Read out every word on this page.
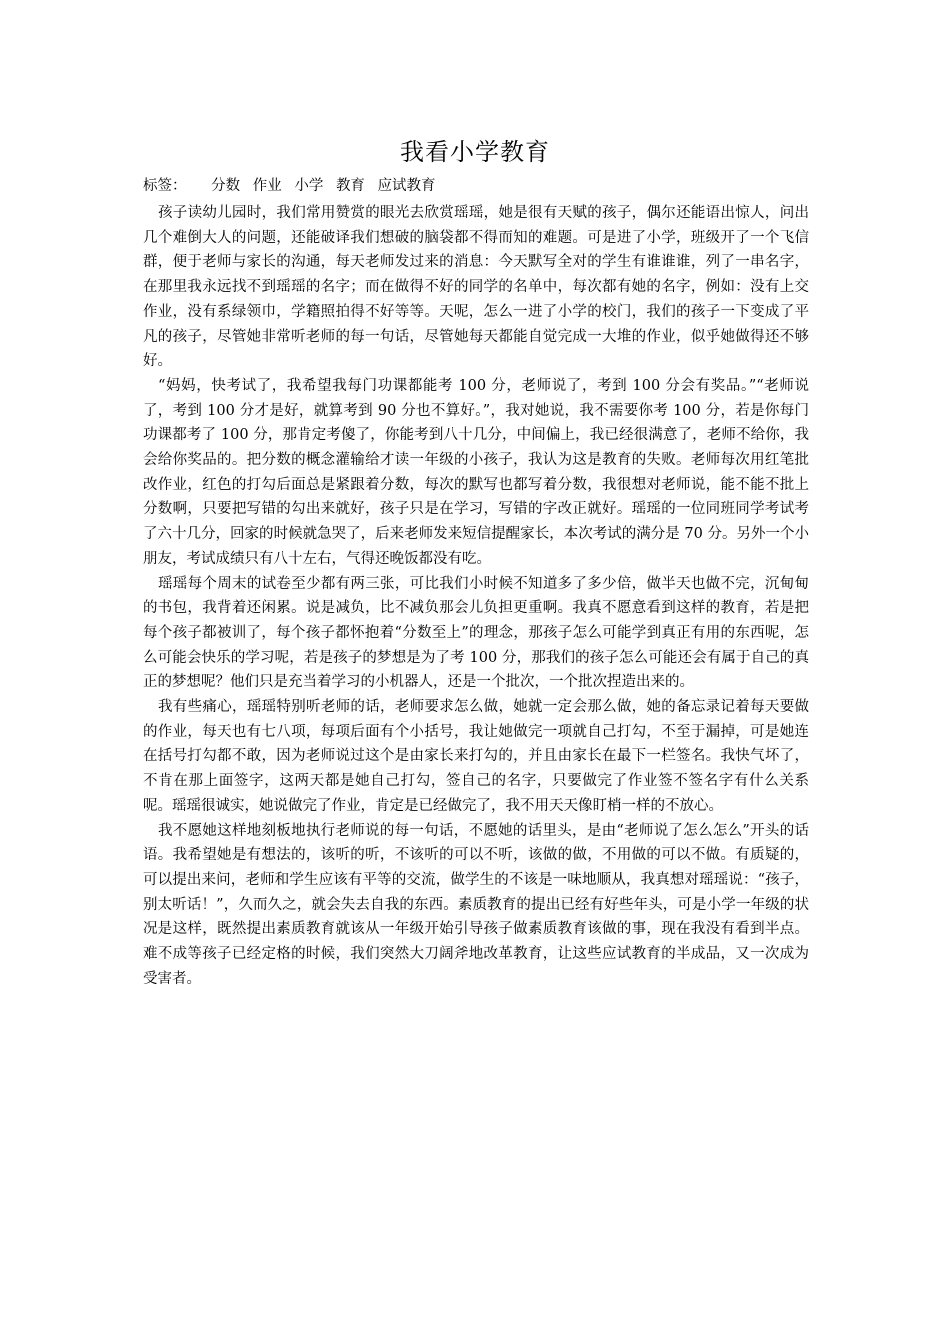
我看小学教育
标签： 分数 作业 小学 教育 应试教育

孩子读幼儿园时，我们常用赞赏的眼光去欣赏瑶瑶，她是很有天赋的孩子，偶尔还能语出惊人，问出几个难倒大人的问题，还能破译我们想破的脑袋都不得而知的难题。可是进了小学，班级开了一个飞信群，便于老师与家长的沟通，每天老师发过来的消息：今天默写全对的学生有谁谁谁，列了一串名字，在那里我永远找不到瑶瑶的名字；而在做得不好的同学的名单中，每次都有她的名字，例如：没有上交作业，没有系绿领巾，学籍照拍得不好等等。天呢，怎么一进了小学的校门，我们的孩子一下变成了平凡的孩子，尽管她非常听老师的每一句话，尽管她每天都能自觉完成一大堆的作业，似乎她做得还不够好。

“妈妈，快考试了，我希望我每门功课都能考 100 分，老师说了，考到 100 分会有奖品。”“老师说了，考到 100 分才是好，就算考到 90 分也不算好。”，我对她说，我不需要你考 100 分，若是你每门功课都考了 100 分，那肯定考傻了，你能考到八十几分，中间偏上，我已经很满意了，老师不给你，我会给你奖品的。把分数的概念灌输给才读一年级的小孩子，我认为这是教育的失败。老师每次用红笔批改作业，红色的打勾后面总是紧跟着分数，每次的默写也都写着分数，我很想对老师说，能不能不批上分数啊，只要把写错的勾出来就好，孩子只是在学习，写错的字改正就好。瑶瑶的一位同班同学考试考了六十几分，回家的时候就急哭了，后来老师发来短信提醒家长，本次考试的满分是 70 分。另外一个小朋友，考试成绩只有八十左右，气得还晚饭都没有吃。

瑶瑶每个周末的试卷至少都有两三张，可比我们小时候不知道多了多少倍，做半天也做不完，沉甸甸的书包，我背着还闲累。说是减负，比不减负那会儿负担更重啊。我真不愿意看到这样的教育，若是把每个孩子都被训了，每个孩子都怀抱着“分数至上”的理念，那孩子怎么可能学到真正有用的东西呢，怎么可能会快乐的学习呢，若是孩子的梦想是为了考 100 分，那我们的孩子怎么可能还会有属于自己的真正的梦想呢？他们只是充当着学习的小机器人，还是一个批次，一个批次捏造出来的。

我有些痛心，瑶瑶特别听老师的话，老师要求怎么做，她就一定会那么做，她的备忘录记着每天要做的作业，每天也有七八项，每项后面有个小括号，我让她做完一项就自己打勾，不至于漏掉，可是她连在括号打勾都不敢，因为老师说过这个是由家长来打勾的，并且由家长在最下一栏签名。我快气坏了，不肯在那上面签字，这两天都是她自己打勾，签自己的名字，只要做完了作业签不签名字有什么关系呢。瑶瑶很诚实，她说做完了作业，肯定是已经做完了，我不用天天像盯梢一样的不放心。

我不愿她这样地刻板地执行老师说的每一句话，不愿她的话里头，是由“老师说了怎么怎么”开头的话语。我希望她是有想法的，该听的听，不该听的可以不听，该做的做，不用做的可以不做。有质疑的，可以提出来问，老师和学生应该有平等的交流，做学生的不该是一味地顺从，我真想对瑶瑶说：“孩子，别太听话！”，久而久之，就会失去自我的东西。素质教育的提出已经有好些年头，可是小学一年级的状况是这样，既然提出素质教育就该从一年级开始引导孩子做素质教育该做的事，现在我没有看到半点。难不成等孩子已经定格的时候，我们突然大刀阔斧地改革教育，让这些应试教育的半成品，又一次成为受害者。
